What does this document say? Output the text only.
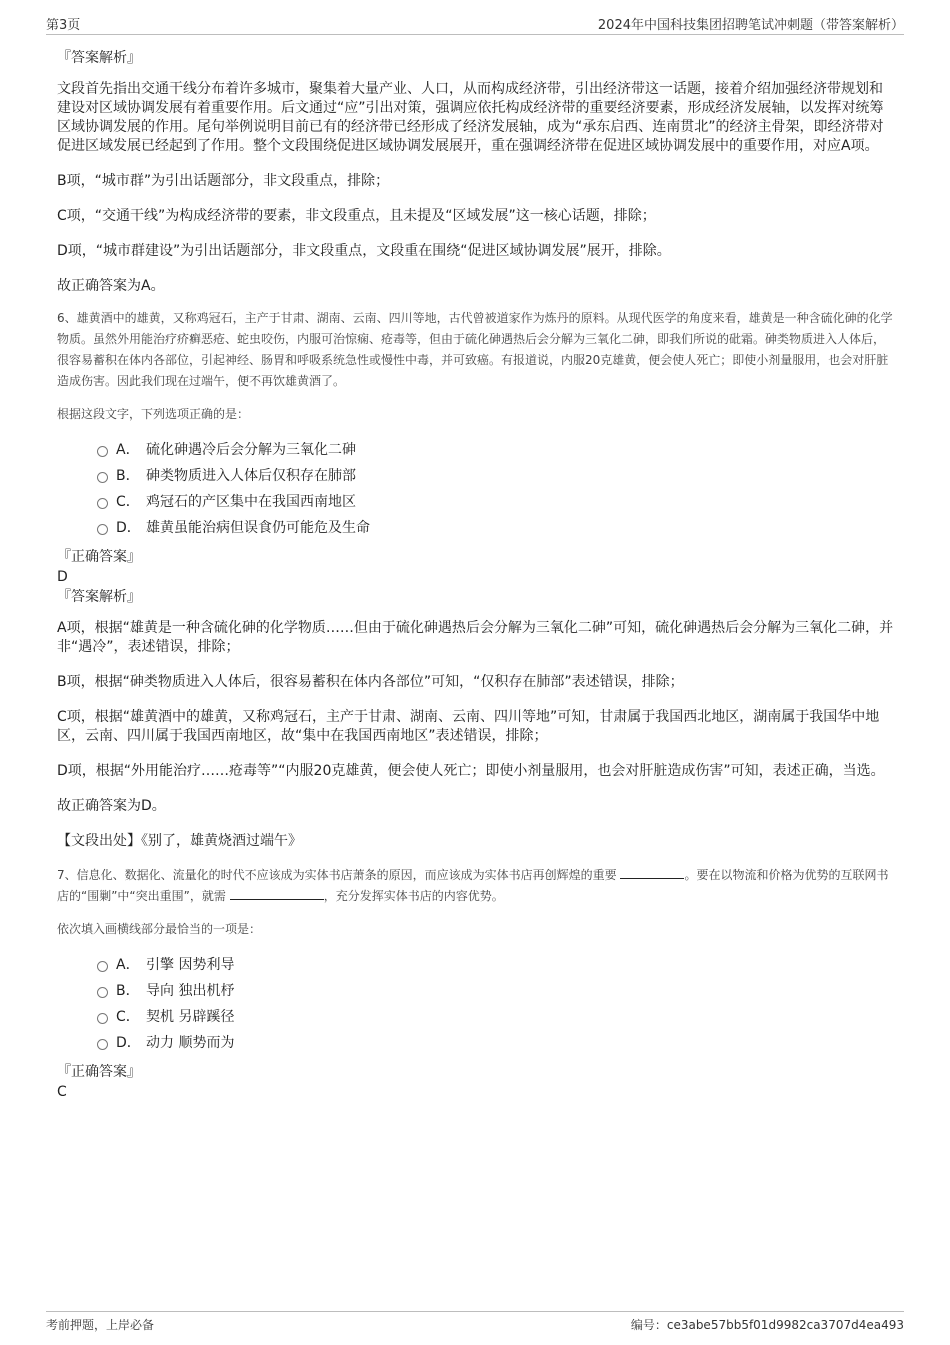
第3页	2024年中国科技集团招聘笔试冲刺题（带答案解析）

『答案解析』

文段首先指出交通干线分布着许多城市，聚集着大量产业、人口，从而构成经济带，引出经济带这一话题，接着介绍加强经济带规划和建设对区域协调发展有着重要作用。后文通过“应”引出对策，强调应依托构成经济带的重要经济要素，形成经济发展轴，以发挥对统筹区域协调发展的作用。尾句举例说明目前已有的经济带已经形成了经济发展轴，成为“承东启西、连南贯北”的经济主骨架，即经济带对促进区域发展已经起到了作用。整个文段围绕促进区域协调发展展开，重在强调经济带在促进区域协调发展中的重要作用，对应A项。

B项，“城市群”为引出话题部分，非文段重点，排除；

C项，“交通干线”为构成经济带的要素，非文段重点，且未提及“区域发展”这一核心话题，排除；

D项，“城市群建设”为引出话题部分，非文段重点，文段重在围绕“促进区域协调发展”展开，排除。

故正确答案为A。

6、雄黄酒中的雄黄，又称鸡冠石，主产于甘肃、湖南、云南、四川等地，古代曾被道家作为炼丹的原料。从现代医学的角度来看，雄黄是一种含硫化砷的化学物质。虽然外用能治疗疥癣恶疮、蛇虫咬伤，内服可治惊痫、疮毒等，但由于硫化砷遇热后会分解为三氧化二砷，即我们所说的砒霜。砷类物质进入人体后，很容易蓄积在体内各部位，引起神经、肠胃和呼吸系统急性或慢性中毒，并可致癌。有报道说，内服20克雄黄，便会使人死亡；即使小剂量服用，也会对肝脏造成伤害。因此我们现在过端午，便不再饮雄黄酒了。

根据这段文字，下列选项正确的是：

A． 硫化砷遇冷后会分解为三氧化二砷
B． 砷类物质进入人体后仅积存在肺部
C． 鸡冠石的产区集中在我国西南地区
D． 雄黄虽能治病但误食仍可能危及生命

『正确答案』

D

『答案解析』

A项，根据“雄黄是一种含硫化砷的化学物质……但由于硫化砷遇热后会分解为三氧化二砷”可知，硫化砷遇热后会分解为三氧化二砷，并非“遇冷”，表述错误，排除；

B项，根据“砷类物质进入人体后，很容易蓄积在体内各部位”可知，“仅积存在肺部”表述错误，排除；

C项，根据“雄黄酒中的雄黄，又称鸡冠石，主产于甘肃、湖南、云南、四川等地”可知，甘肃属于我国西北地区，湖南属于我国华中地区，云南、四川属于我国西南地区，故“集中在我国西南地区”表述错误，排除；

D项，根据“外用能治疗……疮毒等”“内服20克雄黄，便会使人死亡；即使小剂量服用，也会对肝脏造成伤害”可知，表述正确，当选。

故正确答案为D。

【文段出处】《别了，雄黄烧酒过端午》

7、信息化、数据化、流量化的时代不应该成为实体书店萧条的原因，而应该成为实体书店再创辉煌的重要	。要在以物流和价格为优势的互联网书店的“围剿”中“突出重围”，就需	，充分发挥实体书店的内容优势。

依次填入画横线部分最恰当的一项是：

A． 引擎 因势利导
B． 导向 独出机杼
C． 契机 另辟蹊径
D． 动力 顺势而为

『正确答案』

C

考前押题，上岸必备	编号：ce3abe57bb5f01d9982ca3707d4ea493
